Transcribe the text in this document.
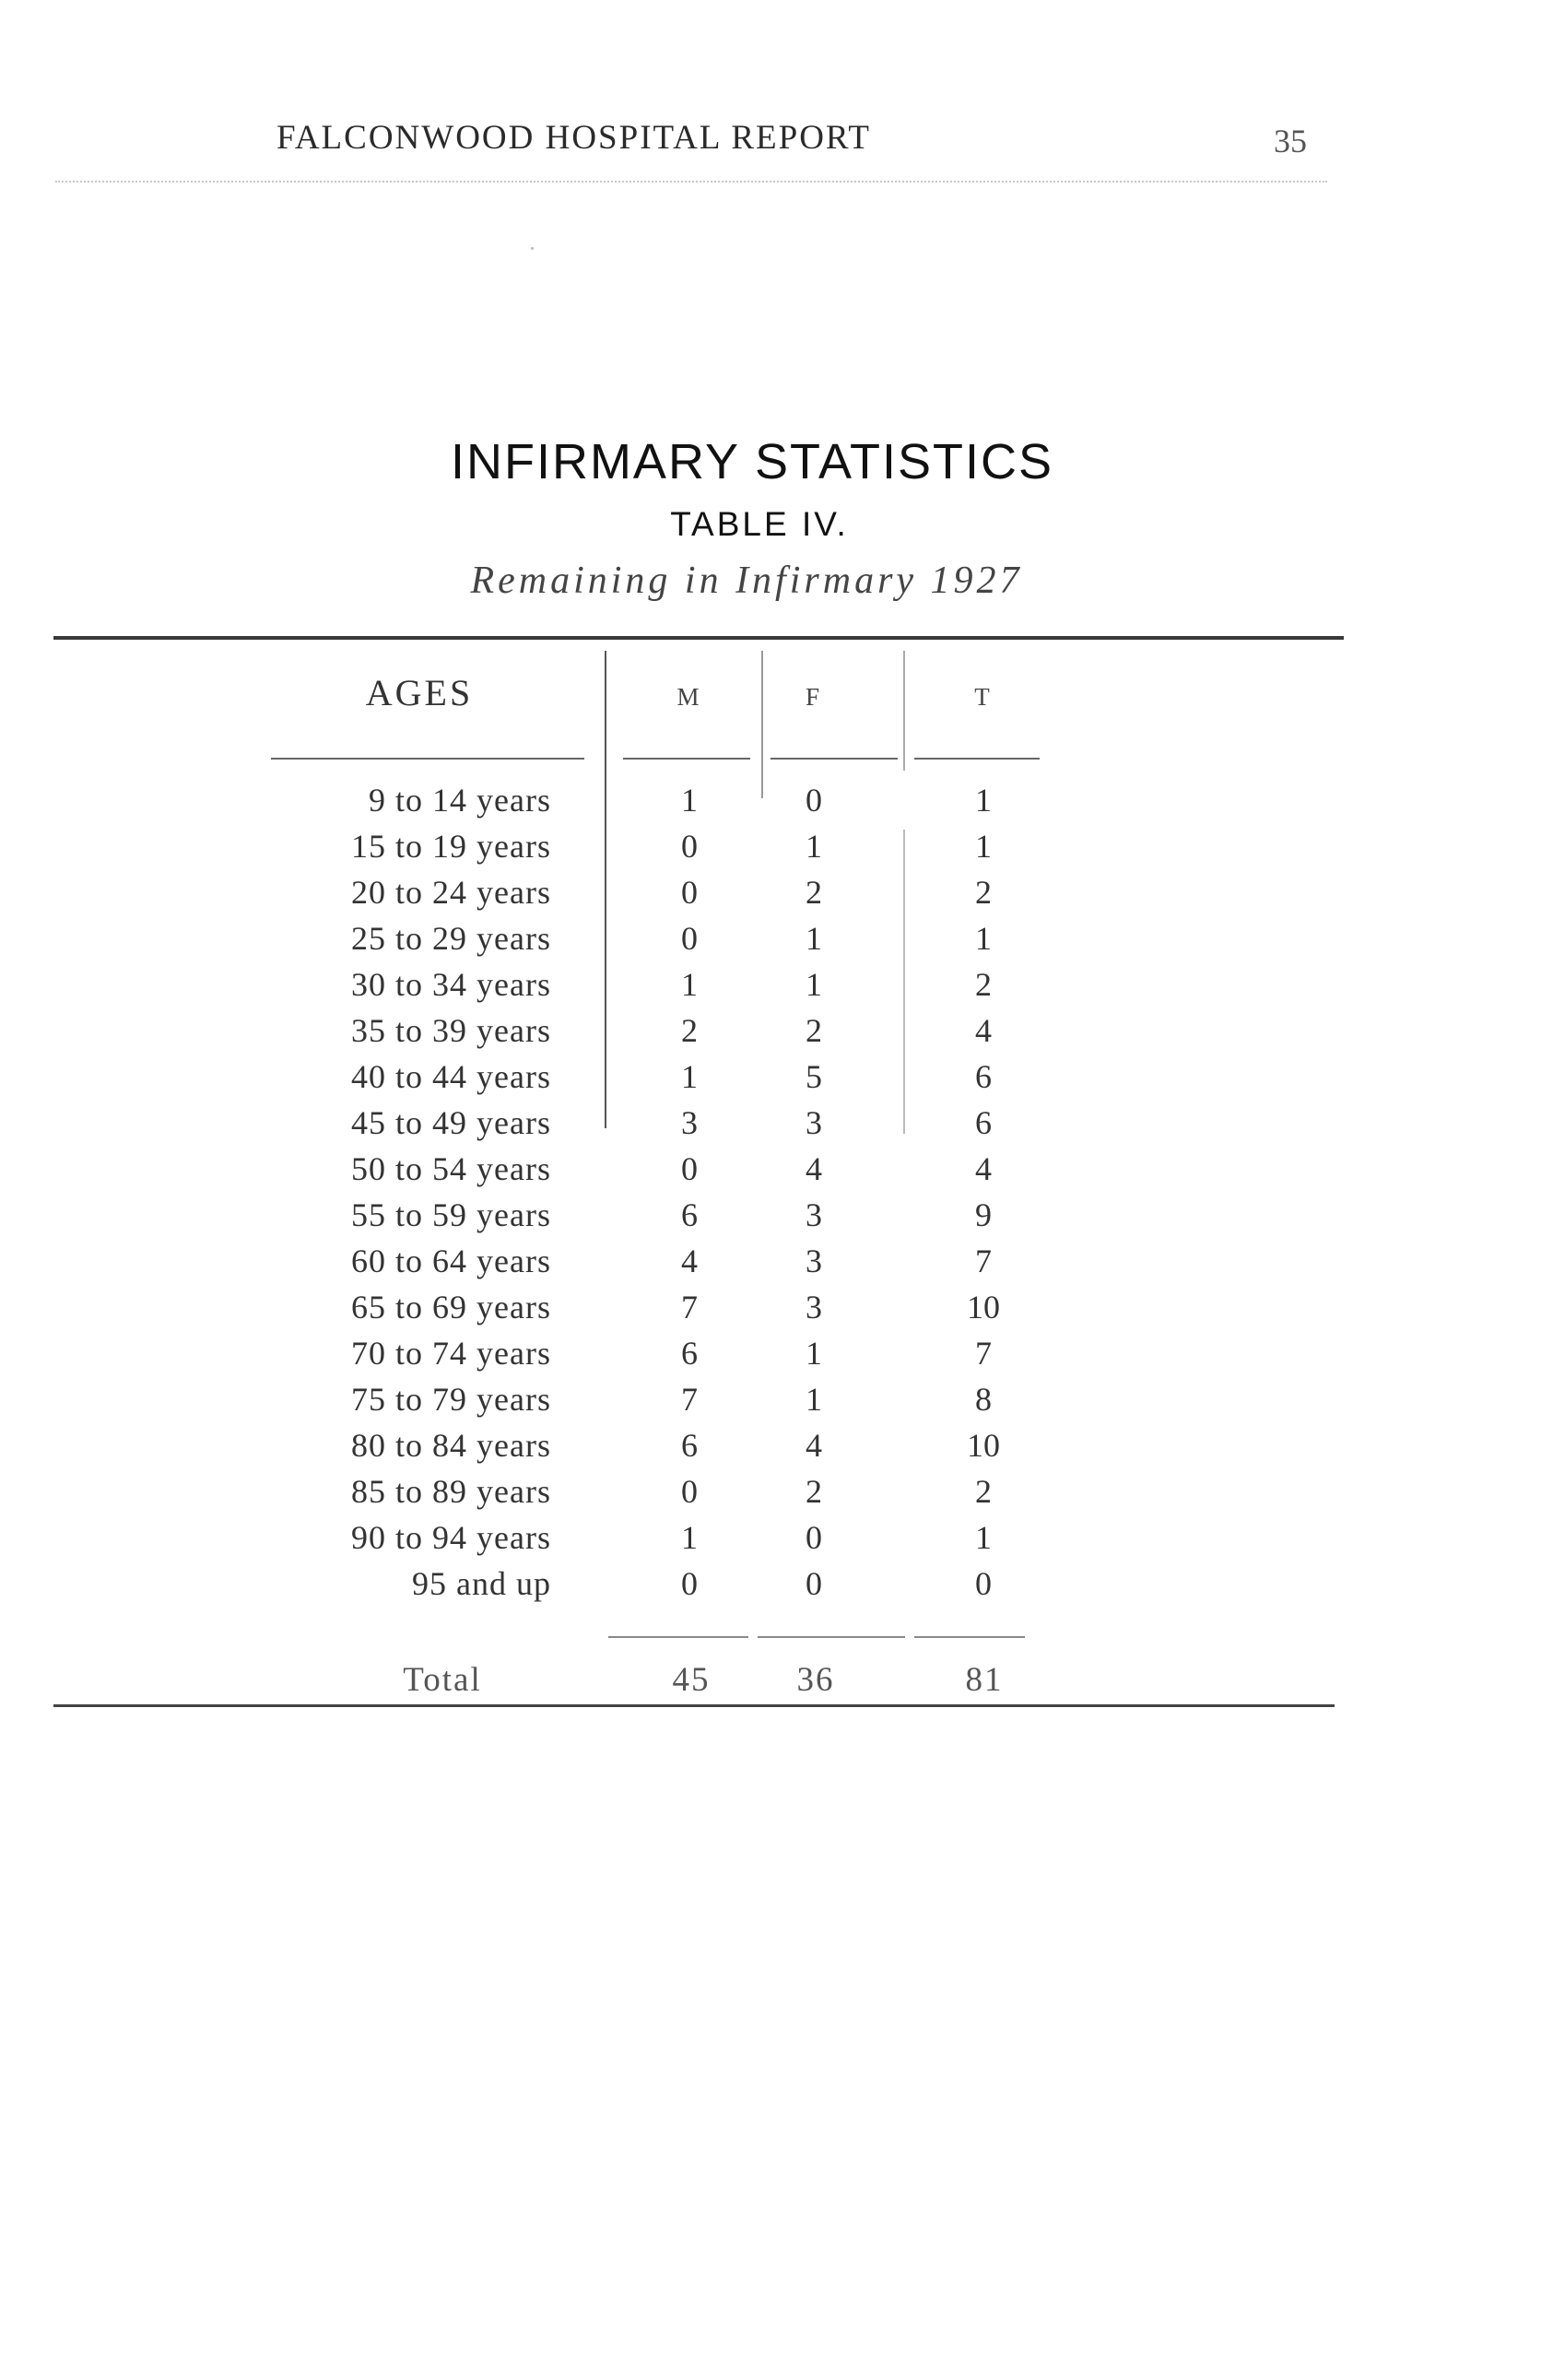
FALCONWOOD HOSPITAL REPORT	35
INFIRMARY STATISTICS
TABLE IV.
Remaining in Infirmary 1927
AGES	M	F	T
9 to 14 years	1	0	1
15 to 19 years	0	1	1
20 to 24 years	0	2	2
25 to 29 years	0	1	1
30 to 34 years	1	1	2
35 to 39 years	2	2	4
40 to 44 years	1	5	6
45 to 49 years	3	3	6
50 to 54 years	0	4	4
55 to 59 years	6	3	9
60 to 64 years	4	3	7
65 to 69 years	7	3	10
70 to 74 years	6	1	7
75 to 79 years	7	1	8
80 to 84 years	6	4	10
85 to 89 years	0	2	2
90 to 94 years	1	0	1
95 and up	0	0	0
Total	45	36	81
